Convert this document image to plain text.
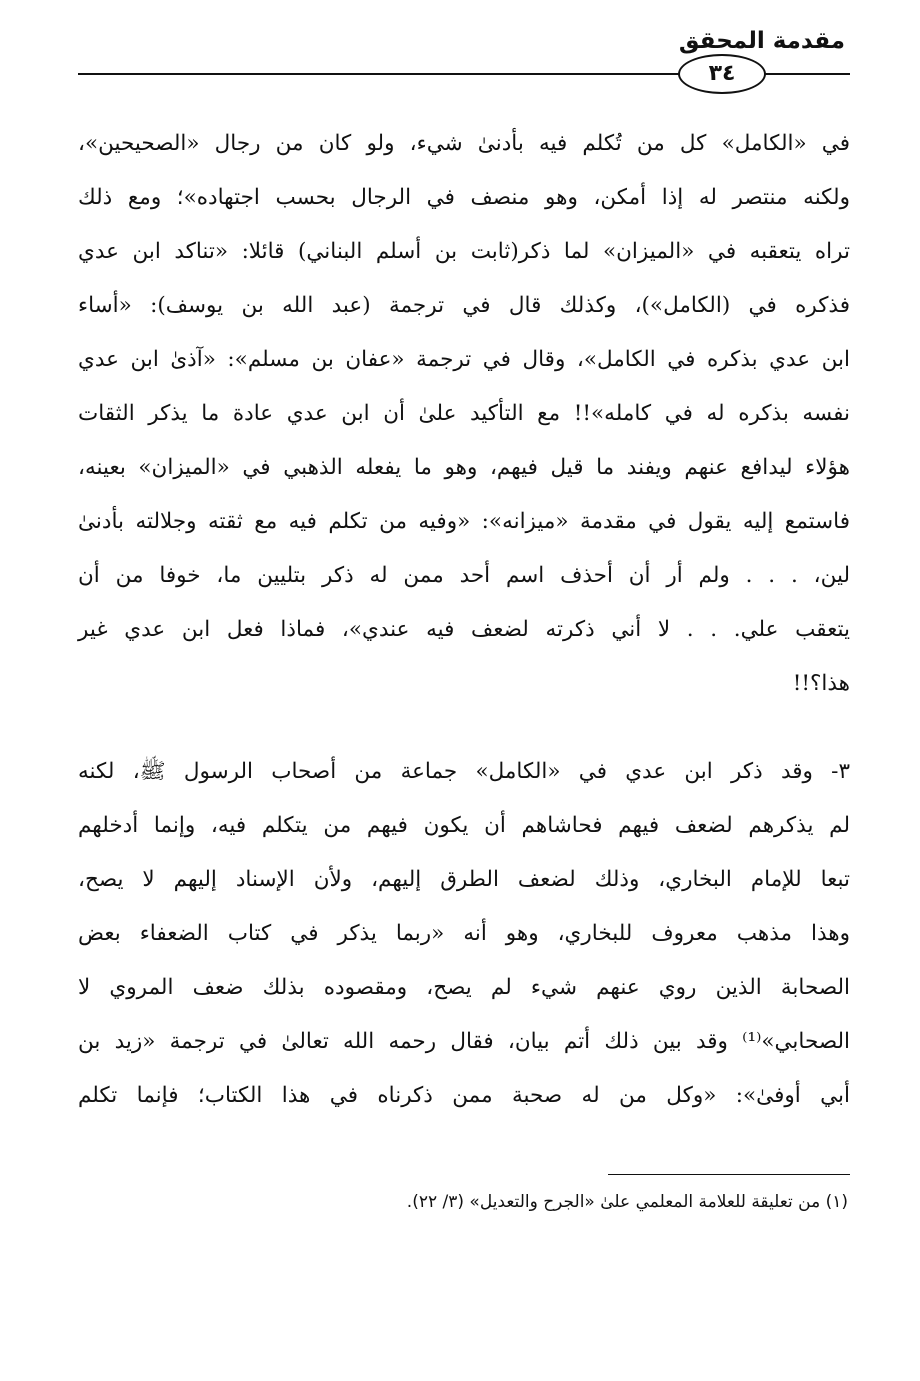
مقدمة المحقق
٣٤
في «الكامل» كل من تُكلم فيه بأدنىٰ شيء، ولو كان من رجال «الصحيحين»،
ولكنه منتصر له إذا أمكن، وهو منصف في الرجال بحسب اجتهاده»؛ ومع ذلك
تراه يتعقبه في «الميزان» لما ذكر(ثابت بن أسلم البناني) قائلا: «تناكد ابن عدي
فذكره في (الكامل»)، وكذلك قال في ترجمة (عبد الله بن يوسف): «أساء
ابن عدي بذكره في الكامل»، وقال في ترجمة «عفان بن مسلم»: «آذىٰ ابن عدي
نفسه بذكره له في كامله»!! مع التأكيد علىٰ أن ابن عدي عادة ما يذكر الثقات
هؤلاء ليدافع عنهم ويفند ما قيل فيهم، وهو ما يفعله الذهبي في «الميزان» بعينه،
فاستمع إليه يقول في مقدمة «ميزانه»: «وفيه من تكلم فيه مع ثقته وجلالته بأدنىٰ
لين، . . . ولم أر أن أحذف اسم أحد ممن له ذكر بتليين ما، خوفا من أن
يتعقب علي. . . لا أني ذكرته لضعف فيه عندي»، فماذا فعل ابن عدي غير
هذا؟!!
٣- وقد ذكر ابن عدي في «الكامل» جماعة من أصحاب الرسول ﷺ، لكنه
لم يذكرهم لضعف فيهم فحاشاهم أن يكون فيهم من يتكلم فيه، وإنما أدخلهم
تبعا للإمام البخاري، وذلك لضعف الطرق إليهم، ولأن الإسناد إليهم لا يصح،
وهذا مذهب معروف للبخاري، وهو أنه «ربما يذكر في كتاب الضعفاء بعض
الصحابة الذين روي عنهم شيء لم يصح، ومقصوده بذلك ضعف المروي لا
الصحابي»⁽¹⁾ وقد بين ذلك أتم بيان، فقال رحمه الله تعالىٰ في ترجمة «زيد بن
أبي أوفىٰ»: «وكل من له صحبة ممن ذكرناه في هذا الكتاب؛ فإنما تكلم
(١) من تعليقة للعلامة المعلمي علىٰ «الجرح والتعديل» (٣/ ٢٢).
